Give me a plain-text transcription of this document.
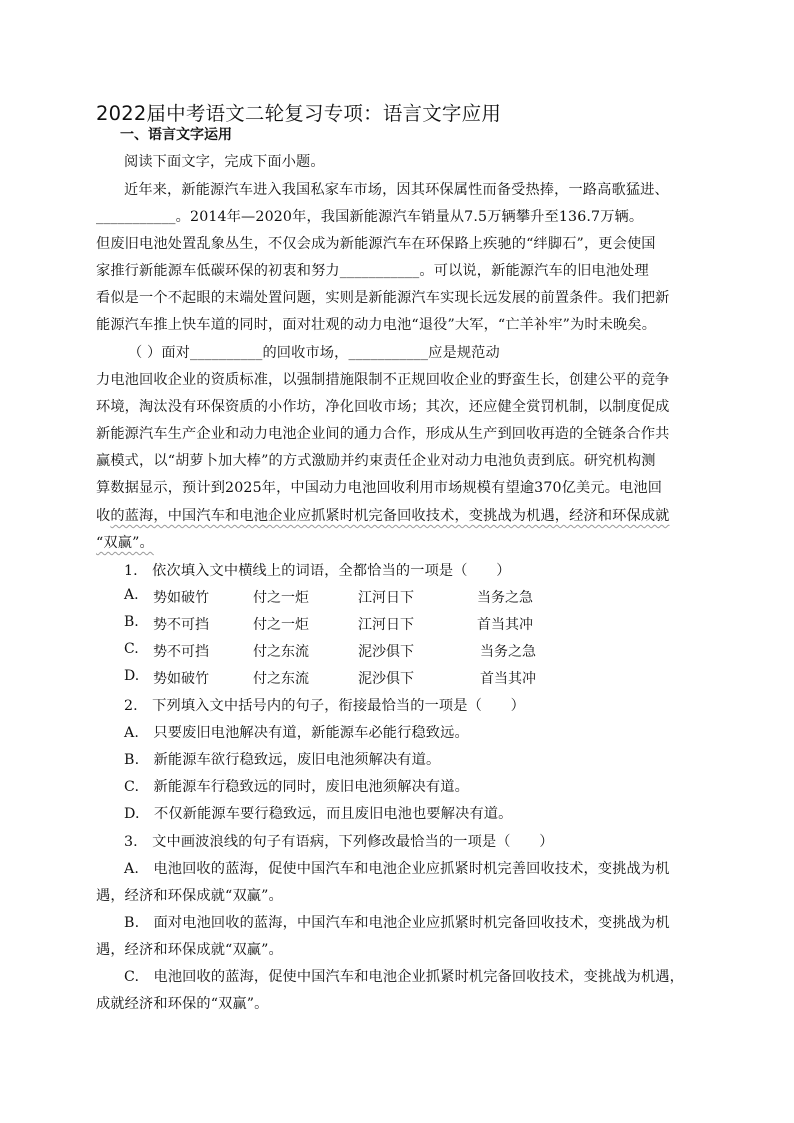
2022届中考语文二轮复习专项：语言文字应用
一、语言文字运用
阅读下面文字，完成下面小题。
近年来，新能源汽车进入我国私家车市场，因其环保属性而备受热捧，一路高歌猛进、
___________。2014年—2020年，我国新能源汽车销量从7.5万辆攀升至136.7万辆。
但废旧电池处置乱象丛生，不仅会成为新能源汽车在环保路上疾驰的“绊脚石”，更会使国
家推行新能源车低碳环保的初衷和努力___________。可以说，新能源汽车的旧电池处理
看似是一个不起眼的末端处置问题，实则是新能源汽车实现长远发展的前置条件。我们把新
能源汽车推上快车道的同时，面对壮观的动力电池“退役”大军，“亡羊补牢”为时未晚矣。
（ ）面对__________的回收市场，___________应是规范动
力电池回收企业的资质标准，以强制措施限制不正规回收企业的野蛮生长，创建公平的竞争
环境，淘汰没有环保资质的小作坊，净化回收市场；其次，还应健全赏罚机制，以制度促成
新能源汽车生产企业和动力电池企业间的通力合作，形成从生产到回收再造的全链条合作共
赢模式，以“胡萝卜加大棒”的方式激励并约束责任企业对动力电池负责到底。研究机构测
算数据显示，预计到2025年，中国动力电池回收利用市场规模有望逾370亿美元。电池回
收的蓝海，中国汽车和电池企业应抓紧时机完备回收技术，变挑战为机遇，经济和环保成就
“双赢”。
1.　依次填入文中横线上的词语，全都恰当的一项是（　　）
A. 势如破竹	付之一炬	江河日下	当务之急
B. 势不可挡	付之一炬	江河日下	首当其冲
C. 势不可挡	付之东流	泥沙俱下	当务之急
D. 势如破竹	付之东流	泥沙俱下	首当其冲
2.　下列填入文中括号内的句子，衔接最恰当的一项是（　　）
A.　只要废旧电池解决有道，新能源车必能行稳致远。
B.　新能源车欲行稳致远，废旧电池须解决有道。
C.　新能源车行稳致远的同时，废旧电池须解决有道。
D.　不仅新能源车要行稳致远，而且废旧电池也要解决有道。
3.　文中画波浪线的句子有语病，下列修改最恰当的一项是（　　）
A.　电池回收的蓝海，促使中国汽车和电池企业应抓紧时机完善回收技术，变挑战为机
遇，经济和环保成就“双赢”。
B.　面对电池回收的蓝海，中国汽车和电池企业应抓紧时机完备回收技术，变挑战为机
遇，经济和环保成就“双赢”。
C.　电池回收的蓝海，促使中国汽车和电池企业抓紧时机完备回收技术，变挑战为机遇，
成就经济和环保的“双赢”。
